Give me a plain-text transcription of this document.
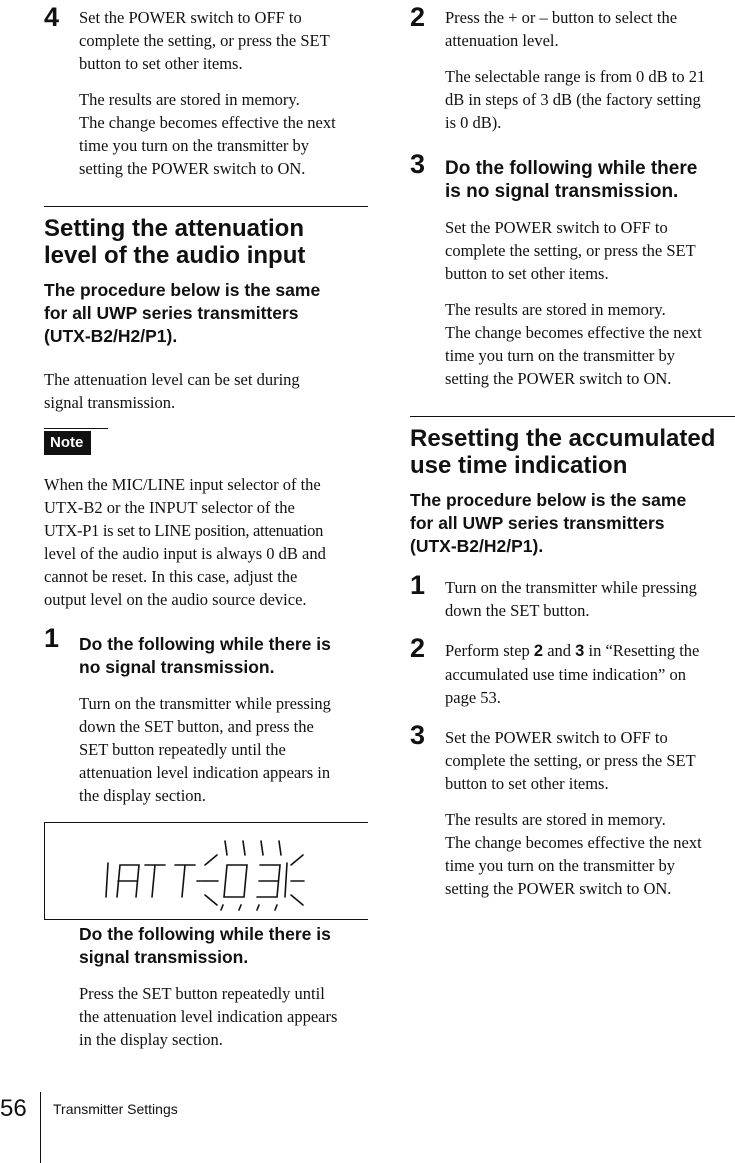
4 Set the POWER switch to OFF to

complete the setting, or press the SET

button to set other items.

The results are stored in memory.

The change becomes effective the next

time you turn on the transmitter by

setting the POWER switch to ON.

Setting the attenuation
level of the audio input
The procedure below is the same
for all UWP series transmitters
(UTX-B2/H2/P1).

The attenuation level can be set during

signal transmission.

Note

When the MIC/LINE input selector of the

UTX-B2 or the INPUT selector of the

UTX-P1 is set to LINE position, attenuation

level of the audio input is always 0 dB and

cannot be reset. In this case, adjust the

output level on the audio source device.

1 Do the following while there is
no signal transmission.

Turn on the transmitter while pressing

down the SET button, and press the

SET button repeatedly until the

attenuation level indication appears in

the display section.

Do the following while there is
signal transmission.

Press the SET button repeatedly until

the attenuation level indication appears

in the display section.

2 Press the + or – button to select the

attenuation level.

The selectable range is from 0 dB to 21

dB in steps of 3 dB (the factory setting

is 0 dB).

3 Do the following while there
is no signal transmission.

Set the POWER switch to OFF to

complete the setting, or press the SET

button to set other items.

The results are stored in memory.

The change becomes effective the next

time you turn on the transmitter by

setting the POWER switch to ON.

Resetting the accumulated
use time indication
The procedure below is the same
for all UWP series transmitters
(UTX-B2/H2/P1).
1 Turn on the transmitter while pressing

down the SET button.

2 Perform step 2 and 3 in “Resetting the

accumulated use time indication” on

page 53.

3 Set the POWER switch to OFF to

complete the setting, or press the SET

button to set other items.

The results are stored in memory.

The change becomes effective the next

time you turn on the transmitter by

setting the POWER switch to ON.

56 Transmitter Settings
